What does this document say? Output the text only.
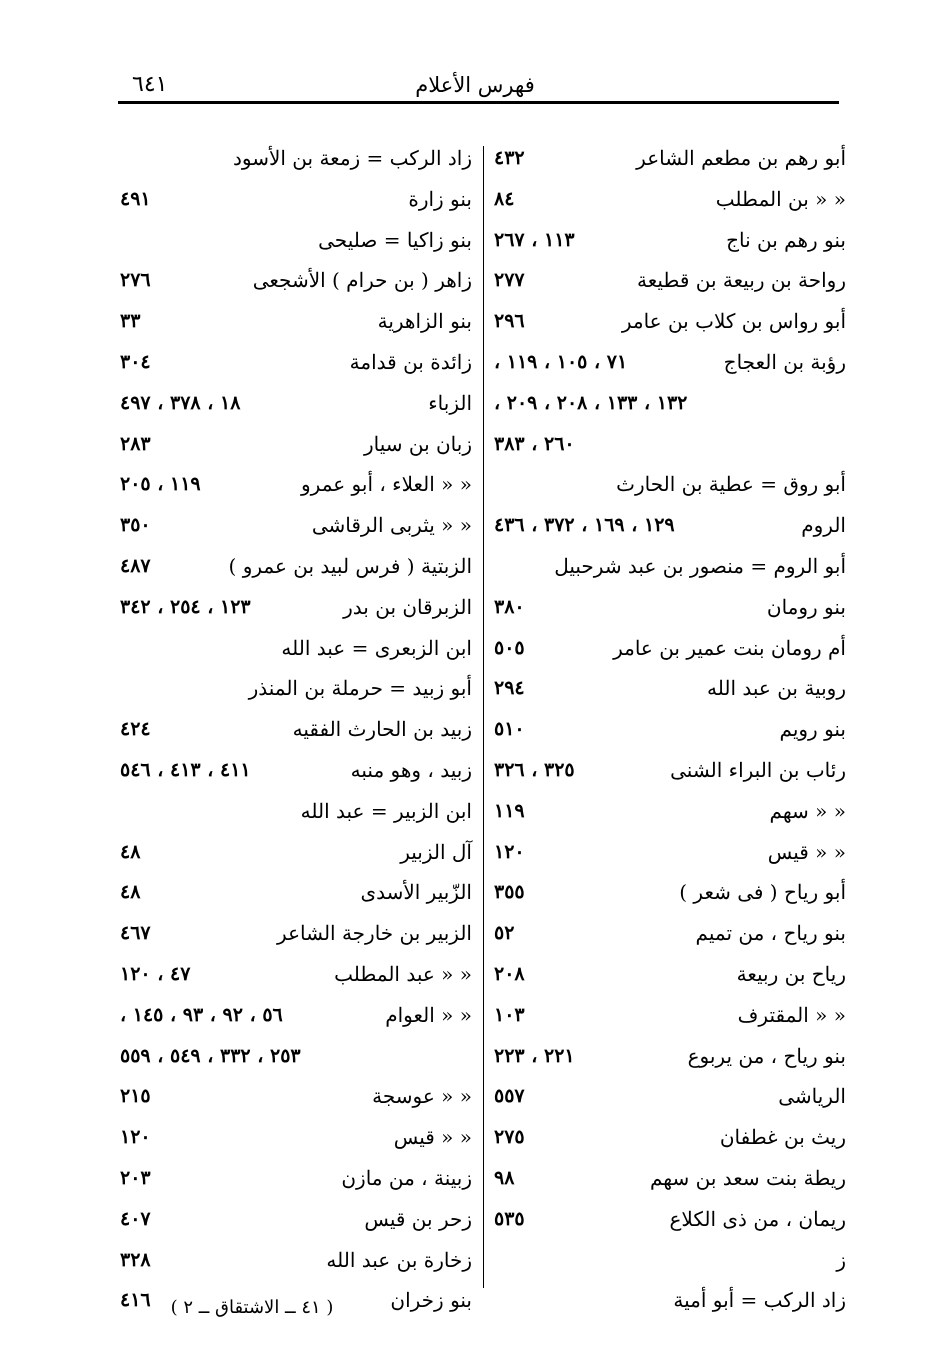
٦٤١	فهرس الأعلام
أبو رهم بن مطعم الشاعر
٤٣٢
« « بن المطلب
٨٤
بنو رهم بن ناج
١١٣ ، ٢٦٧
رواحة بن ربيعة بن قطيعة
٢٧٧
أبو رواس بن كلاب بن عامر
٢٩٦
رؤبة بن العجاج
٧١ ، ١٠٥ ، ١١٩ ،
١٣٢ ، ١٣٣ ، ٢٠٨ ، ٢٠٩ ،
٢٦٠ ، ٣٨٣
أبو روق = عطية بن الحارث
الروم
١٢٩ ، ١٦٩ ، ٣٧٢ ، ٤٣٦
أبو الروم = منصور بن عبد شرحبيل
بنو رومان
٣٨٠
أم رومان بنت عمير بن عامر
٥٠٥
روبية بن عبد الله
٢٩٤
بنو رويم
٥١٠
رئاب بن البراء الشنى
٣٢٥ ، ٣٢٦
« « سهم
١١٩
« « قيس
١٢٠
أبو رياح ( فى شعر )
٣٥٥
بنو رياح ، من تميم
٥٢
رياح بن ربيعة
٢٠٨
« « المقترف
١٠٣
بنو رياح ، من يربوع
٢٢١ ، ٢٢٣
الرياشى
٥٥٧
ريث بن غطفان
٢٧٥
ريطة بنت سعد بن سهم
٩٨
ريمان ، من ذى الكلاع
٥٣٥
ز
زاد الركب = أبو أمية
زاد الركب = زمعة بن الأسود
بنو زارة
٤٩١
بنو زاكيا = صليحى
زاهر ( بن حرام ) الأشجعى
٢٧٦
بنو الزاهرية
٣٣
زائدة بن قدامة
٣٠٤
الزباء
١٨ ، ٣٧٨ ، ٤٩٧
زبان بن سيار
٢٨٣
« « العلاء ، أبو عمرو
١١٩ ، ٢٠٥
« « يثربى الرقاشى
٣٥٠
الزبتية ( فرس لبيد بن عمرو )
٤٨٧
الزبرقان بن بدر
١٢٣ ، ٢٥٤ ، ٣٤٢
ابن الزبعرى = عبد الله
أبو زبيد = حرملة بن المنذر
زبيد بن الحارث الفقيه
٤٢٤
زبيد ، وهو منبه
٤١١ ، ٤١٣ ، ٥٤٦
ابن الزبير = عبد الله
آل الزبير
٤٨
الزّبير الأسدى
٤٨
الزبير بن خارجة الشاعر
٤٦٧
« « عبد المطلب
٤٧ ، ١٢٠
« « العوام
٥٦ ، ٩٢ ، ٩٣ ، ١٤٥ ،
٢٥٣ ، ٣٣٢ ، ٥٤٩ ، ٥٥٩
« « عوسجة
٢١٥
« « قيس
١٢٠
زبينة ، من مازن
٢٠٣
زحر بن قيس
٤٠٧
زخارة بن عبد الله
٣٢٨
بنو زخران
٤١٦	( ٤١ ــ الاشتقاق ــ ٢ )
